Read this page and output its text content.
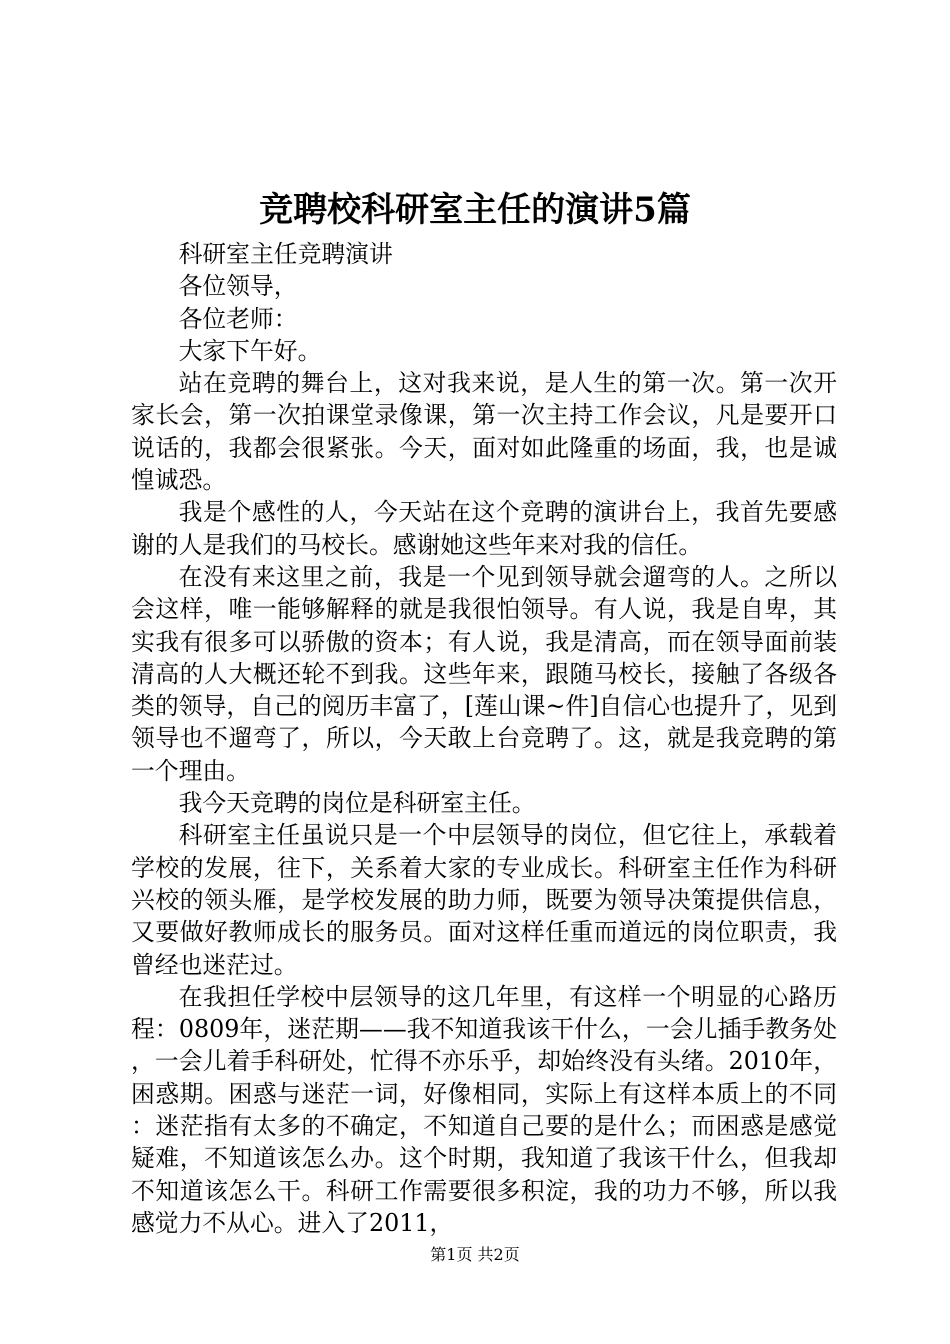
竞聘校科研室主任的演讲5篇

科研室主任竞聘演讲

各位领导，

各位老师：

大家下午好。

站在竞聘的舞台上，这对我来说，是人生的第一次。第一次开家长会，第一次拍课堂录像课，第一次主持工作会议，凡是要开口说话的，我都会很紧张。今天，面对如此隆重的场面，我，也是诚惶诚恐。

我是个感性的人，今天站在这个竞聘的演讲台上，我首先要感谢的人是我们的马校长。感谢她这些年来对我的信任。

在没有来这里之前，我是一个见到领导就会遛弯的人。之所以会这样，唯一能够解释的就是我很怕领导。有人说，我是自卑，其实我有很多可以骄傲的资本；有人说，我是清高，而在领导面前装清高的人大概还轮不到我。这些年来，跟随马校长，接触了各级各类的领导，自己的阅历丰富了，[莲山课~件]自信心也提升了，见到领导也不遛弯了，所以，今天敢上台竞聘了。这，就是我竞聘的第一个理由。

我今天竞聘的岗位是科研室主任。

科研室主任虽说只是一个中层领导的岗位，但它往上，承载着学校的发展，往下，关系着大家的专业成长。科研室主任作为科研兴校的领头雁，是学校发展的助力师，既要为领导决策提供信息，又要做好教师成长的服务员。面对这样任重而道远的岗位职责，我曾经也迷茫过。

在我担任学校中层领导的这几年里，有这样一个明显的心路历程：0809年，迷茫期——我不知道我该干什么，一会儿插手教务处，一会儿着手科研处，忙得不亦乐乎，却始终没有头绪。2010年，困惑期。困惑与迷茫一词，好像相同，实际上有这样本质上的不同：迷茫指有太多的不确定，不知道自己要的是什么；而困惑是感觉疑难，不知道该怎么办。这个时期，我知道了我该干什么，但我却不知道该怎么干。科研工作需要很多积淀，我的功力不够，所以我感觉力不从心。进入了2011，

第1页 共2页
